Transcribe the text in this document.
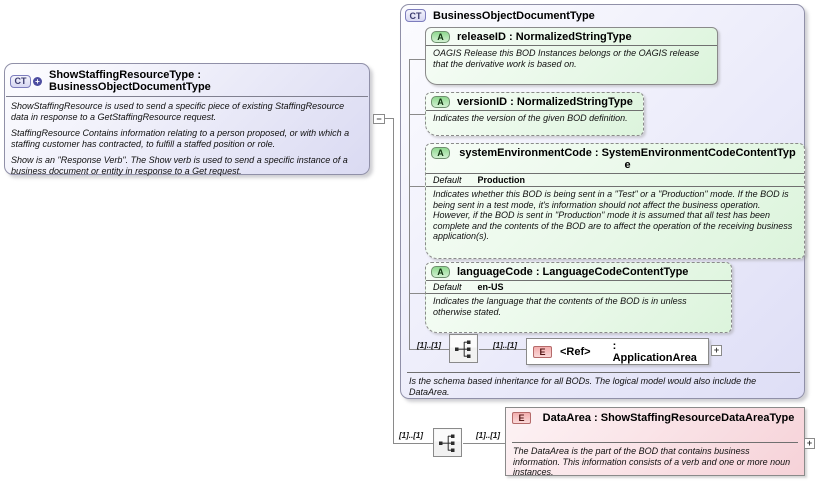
CT	+ ShowStaffingResourceType : BusinessObjectDocumentType

ShowStaffingResource is used to send a specific piece of existing StaffingResource data in response to a GetStaffingResource request.

StaffingResource Contains information relating to a person proposed, or with which a staffing customer has contracted, to fulfill a staffed position or role.

Show is an "Response Verb". The Show verb is used to send a specific instance of a business document or entity in response to a Get request.

−
CT	BusinessObjectDocumentType
A	releaseID : NormalizedStringType
OAGIS Release this BOD Instances belongs or the OAGIS release that the derivative work is based on.
A	versionID : NormalizedStringType
Indicates the version of the given BOD definition.
A	systemEnvironmentCode : SystemEnvironmentCodeContentType
Default Production
Indicates whether this BOD is being sent in a "Test" or a "Production" mode. If the BOD is being sent in a test mode, it's information should not affect the business operation. However, if the BOD is sent in "Production" mode it is assumed that all test has been complete and the contents of the BOD are to affect the operation of the receiving business application(s).
A	languageCode : LanguageCodeContentType
Default en-US
Indicates the language that the contents of the BOD is in unless otherwise stated.
[1]..[1]	[1]..[1]
E	<Ref> : ApplicationArea
+
Is the schema based inheritance for all BODs. The logical model would also include the DataArea.
[1]..[1]	[1]..[1]
E	DataArea : ShowStaffingResourceDataAreaType
The DataArea is the part of the BOD that contains business information. This information consists of a verb and one or more noun instances.
+
